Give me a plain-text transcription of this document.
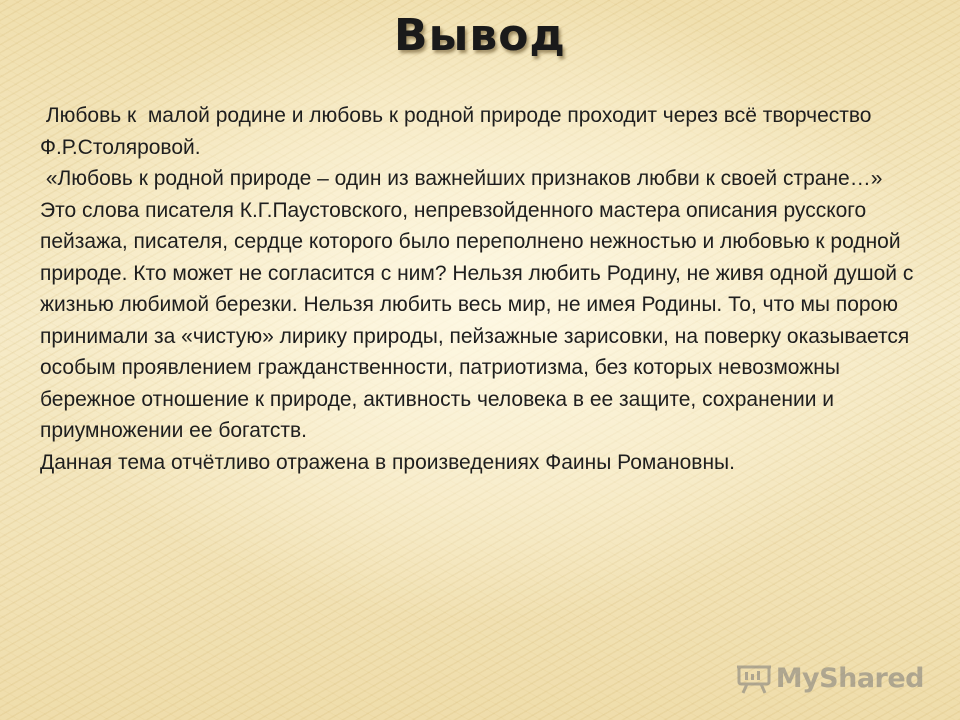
Вывод

Любовь к  малой родине и любовь к родной природе проходит через всё творчество Ф.Р.Столяровой.

«Любовь к родной природе – один из важнейших признаков любви к своей стране…» Это слова писателя К.Г.Паустовского, непревзойденного мастера описания русского пейзажа, писателя, сердце которого было переполнено нежностью и любовью к родной природе. Кто может не согласится с ним? Нельзя любить Родину, не живя одной душой с жизнью любимой березки. Нельзя любить весь мир, не имея Родины. То, что мы порою принимали за «чистую» лирику природы, пейзажные зарисовки, на поверку оказывается особым проявлением гражданственности, патриотизма, без которых невозможны бережное отношение к природе, активность человека в ее защите, сохранении и приумножении ее богатств.

Данная тема отчётливо отражена в произведениях Фаины Романовны.

MyShared
